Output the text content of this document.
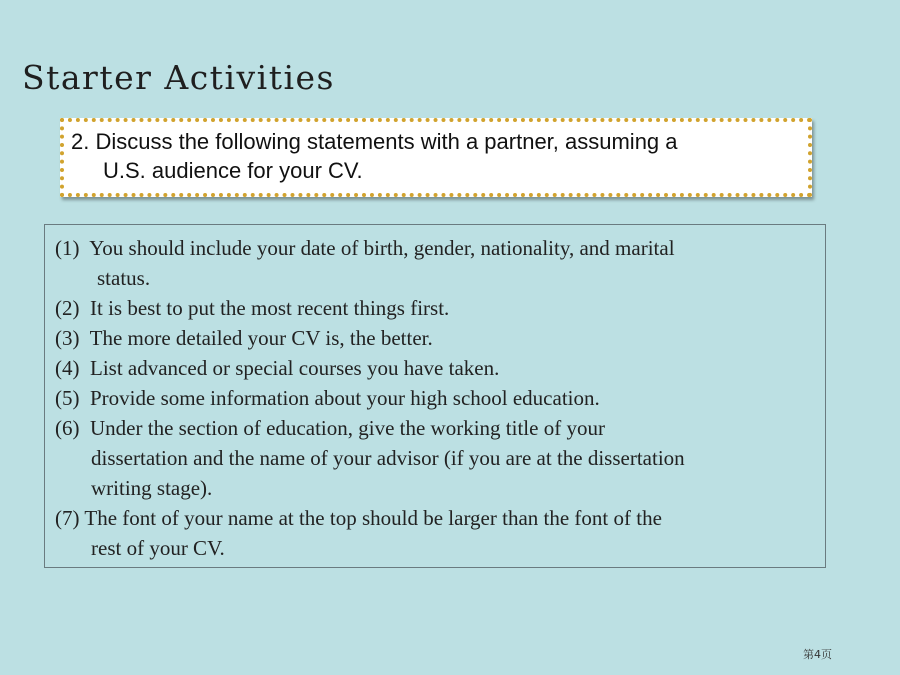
Starter Activities
2. Discuss the following statements with a partner, assuming a
U.S. audience for your CV.

(1) You should include your date of birth, gender, nationality, and marital
status.

(2) It is best to put the most recent things first.

(3) The more detailed your CV is, the better.

(4) List advanced or special courses you have taken.

(5) Provide some information about your high school education.

(6) Under the section of education, give the working title of your
dissertation and the name of your advisor (if you are at the dissertation
writing stage).

(7) The font of your name at the top should be larger than the font of the
rest of your CV.

第4页
